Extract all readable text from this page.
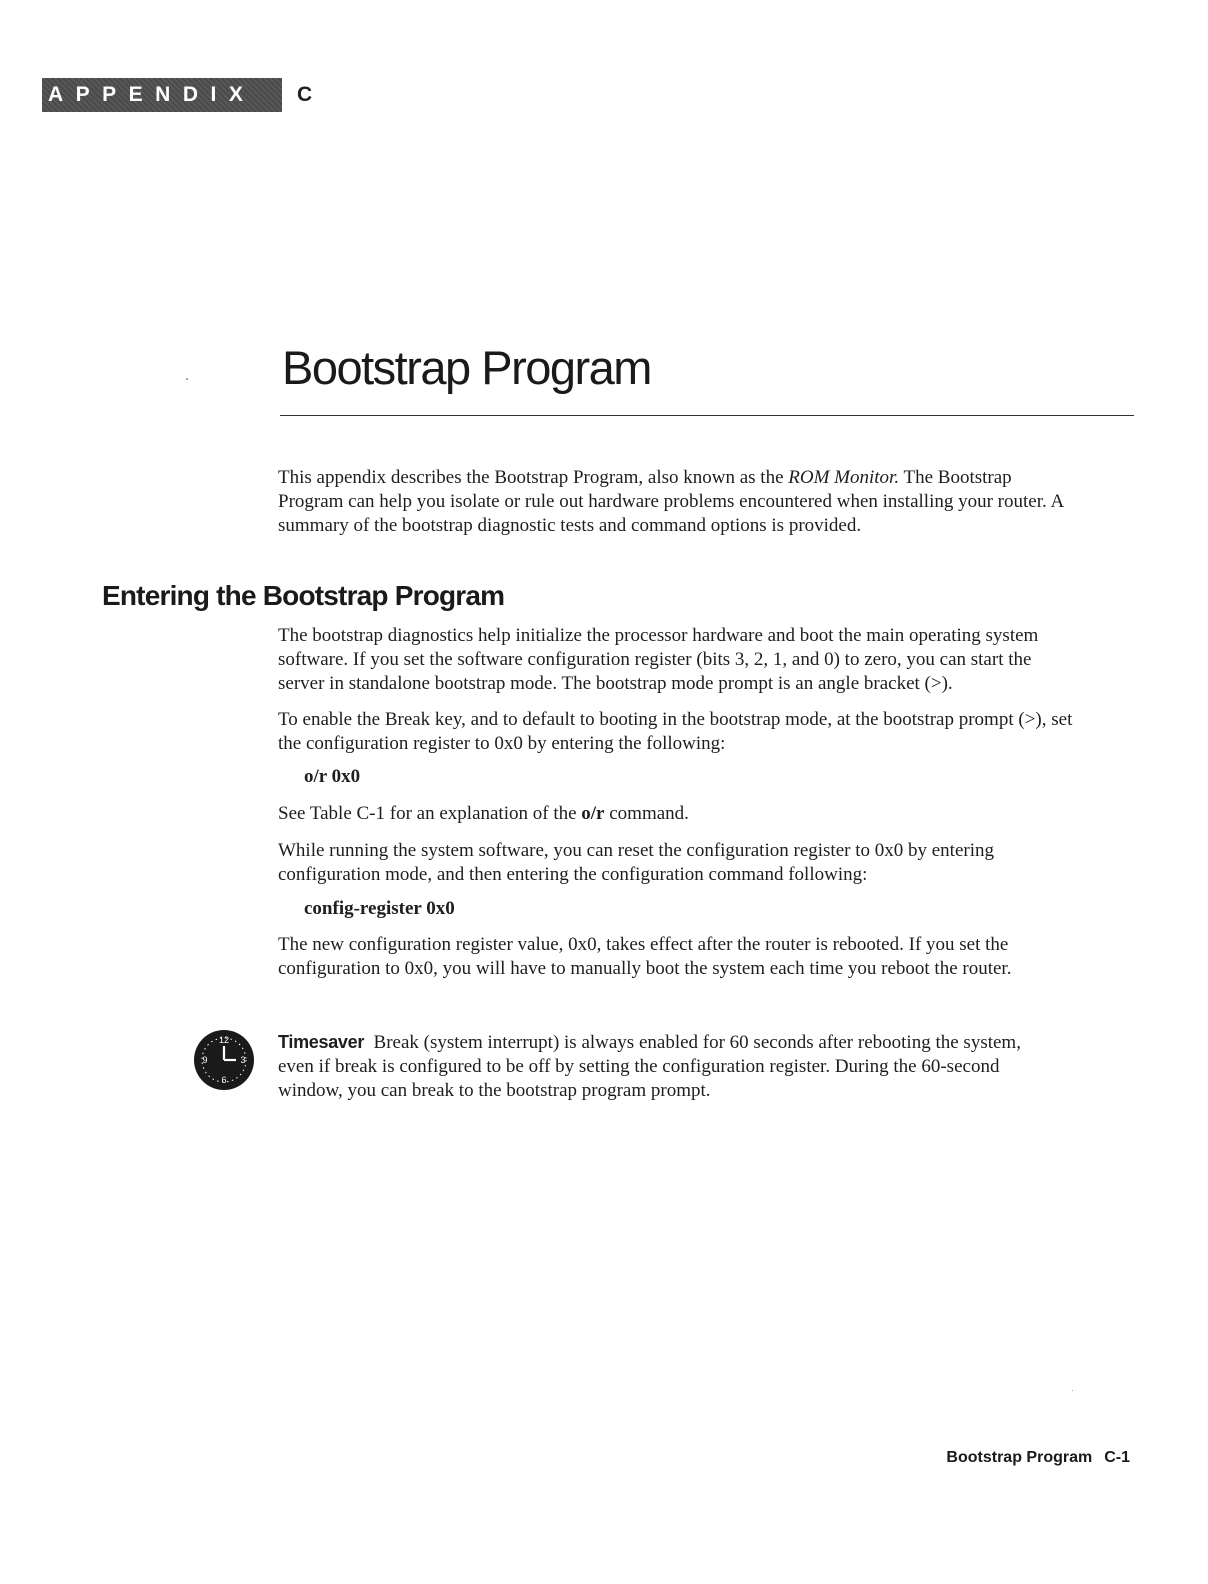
APPENDIX C
Bootstrap Program

This appendix describes the Bootstrap Program, also known as the ROM Monitor. The Bootstrap Program can help you isolate or rule out hardware problems encountered when installing your router. A summary of the bootstrap diagnostic tests and command options is provided.

Entering the Bootstrap Program

The bootstrap diagnostics help initialize the processor hardware and boot the main operating system software. If you set the software configuration register (bits 3, 2, 1, and 0) to zero, you can start the server in standalone bootstrap mode. The bootstrap mode prompt is an angle bracket (>).

To enable the Break key, and to default to booting in the bootstrap mode, at the bootstrap prompt (>), set the configuration register to 0x0 by entering the following:

o/r 0x0

See Table C-1 for an explanation of the o/r command.

While running the system software, you can reset the configuration register to 0x0 by entering configuration mode, and then entering the configuration command following:

config-register 0x0

The new configuration register value, 0x0, takes effect after the router is rebooted. If you set the configuration to 0x0, you will have to manually boot the system each time you reboot the router.

12
3
6
9

Timesaver Break (system interrupt) is always enabled for 60 seconds after rebooting the system, even if break is configured to be off by setting the configuration register. During the 60-second window, you can break to the bootstrap program prompt.

Bootstrap Program C-1
